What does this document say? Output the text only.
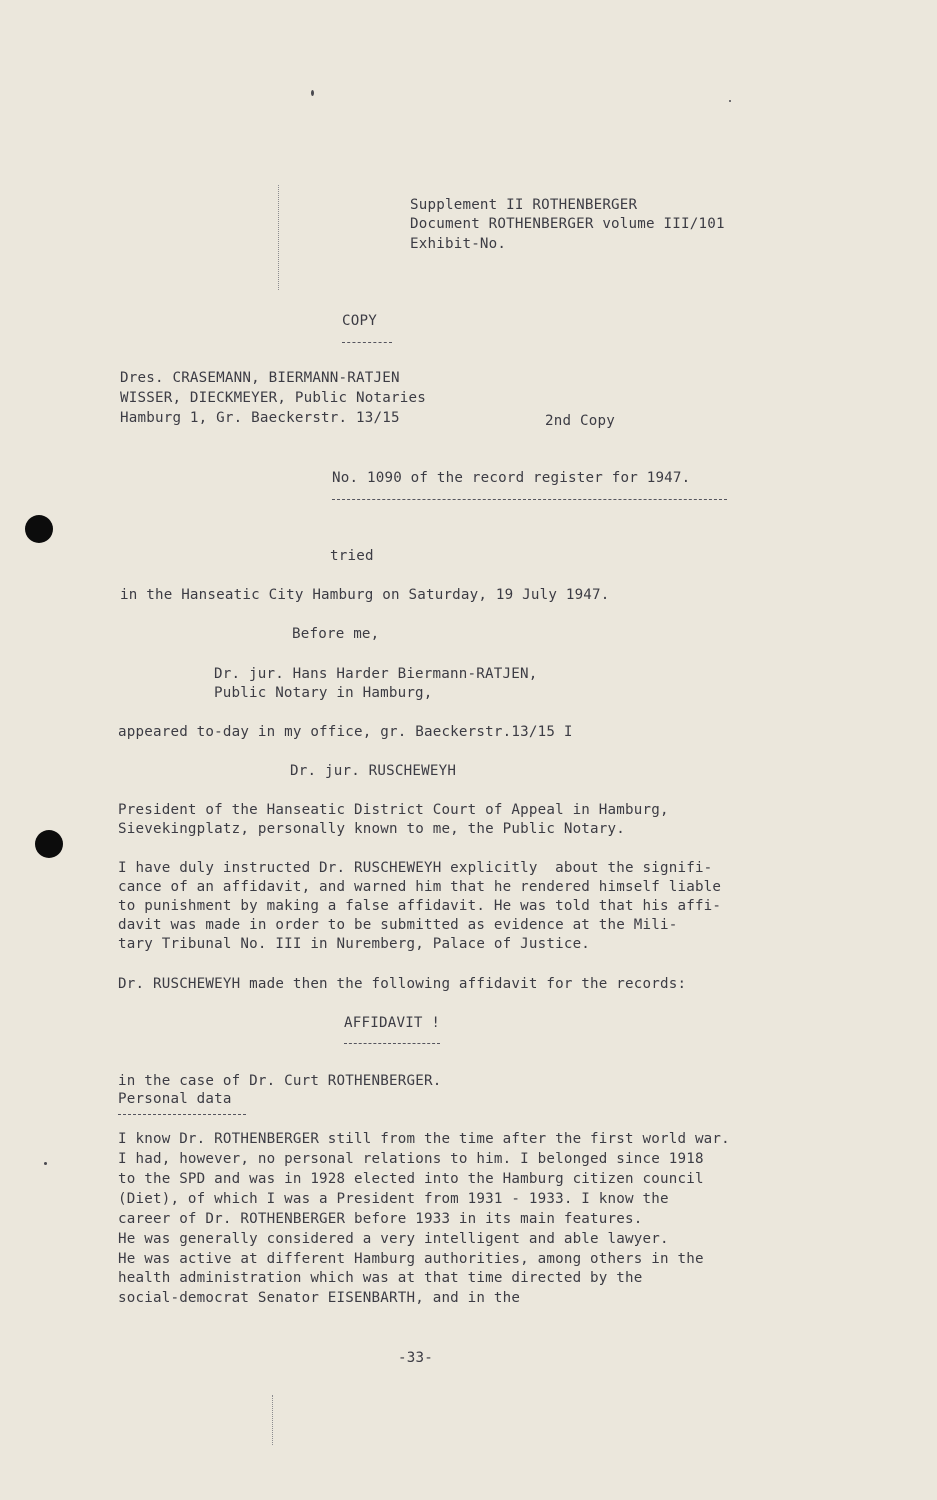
Supplement II ROTHENBERGER
Document ROTHENBERGER volume III/101
Exhibit-No.
COPY
Dres. CRASEMANN, BIERMANN-RATJEN
WISSER, DIECKMEYER, Public Notaries
Hamburg 1, Gr. Baeckerstr. 13/15	2nd Copy
No. 1090 of the record register for 1947.
tried
in the Hanseatic City Hamburg on Saturday, 19 July 1947.
Before me,
Dr. jur. Hans Harder Biermann-RATJEN,
Public Notary in Hamburg,
appeared to-day in my office, gr. Baeckerstr.13/15 I
Dr. jur. RUSCHEWEYH
President of the Hanseatic District Court of Appeal in Hamburg,
Sievekingplatz, personally known to me, the Public Notary.
I have duly instructed Dr. RUSCHEWEYH explicitly  about the signifi-
cance of an affidavit, and warned him that he rendered himself liable
to punishment by making a false affidavit. He was told that his affi-
davit was made in order to be submitted as evidence at the Mili-
tary Tribunal No. III in Nuremberg, Palace of Justice.
Dr. RUSCHEWEYH made then the following affidavit for the records:
AFFIDAVIT !
in the case of Dr. Curt ROTHENBERGER.
Personal data
I know Dr. ROTHENBERGER still from the time after the first world war.
I had, however, no personal relations to him. I belonged since 1918
to the SPD and was in 1928 elected into the Hamburg citizen council
(Diet), of which I was a President from 1931 - 1933. I know the
career of Dr. ROTHENBERGER before 1933 in its main features.
He was generally considered a very intelligent and able lawyer.
He was active at different Hamburg authorities, among others in the
health administration which was at that time directed by the
social-democrat Senator EISENBARTH, and in the
-33-
